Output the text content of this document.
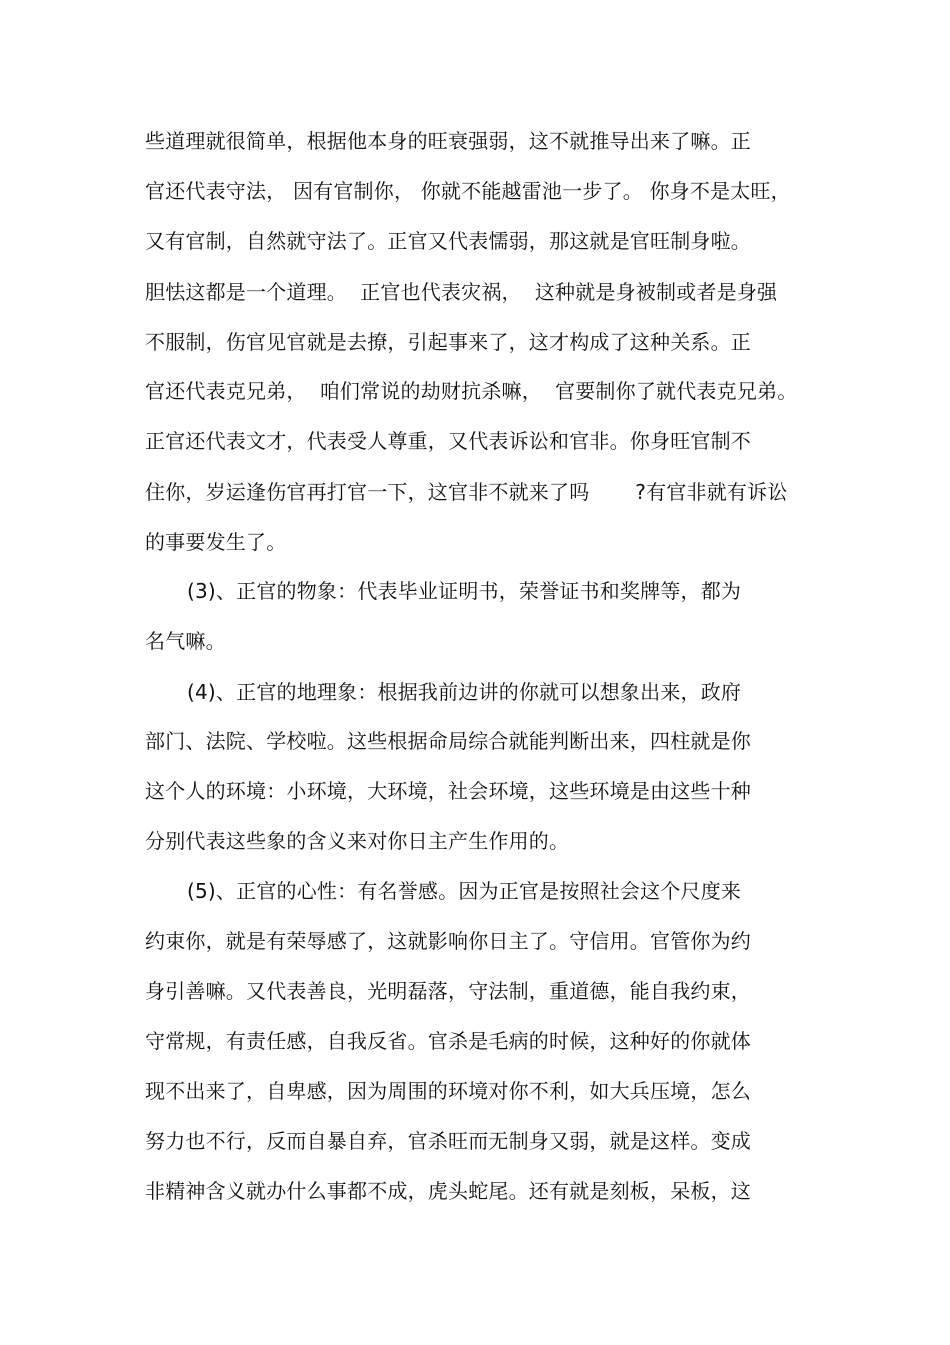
些道理就很简单，根据他本身的旺衰强弱，这不就推导出来了嘛。正
官还代表守法， 因有官制你， 你就不能越雷池一步了。 你身不是太旺，
又有官制，自然就守法了。正官又代表懦弱，那这就是官旺制身啦。
胆怯这都是一个道理。  正官也代表灾祸，  这种就是身被制或者是身强
不服制，伤官见官就是去撩，引起事来了，这才构成了这种关系。正
官还代表克兄弟，  咱们常说的劫财抗杀嘛，  官要制你了就代表克兄弟。
正官还代表文才，代表受人尊重，又代表诉讼和官非。你身旺官制不
住你，岁运逢伤官再打官一下，这官非不就来了吗       ?有官非就有诉讼
的事要发生了。
(3)、正官的物象：代表毕业证明书，荣誉证书和奖牌等，都为
名气嘛。
(4)、正官的地理象：根据我前边讲的你就可以想象出来，政府
部门、法院、学校啦。这些根据命局综合就能判断出来，四柱就是你
这个人的环境：小环境，大环境，社会环境，这些环境是由这些十种
分别代表这些象的含义来对你日主产生作用的。
(5)、正官的心性：有名誉感。因为正官是按照社会这个尺度来
约束你，就是有荣辱感了，这就影响你日主了。守信用。官管你为约
身引善嘛。又代表善良，光明磊落，守法制，重道德，能自我约束，
守常规，有责任感，自我反省。官杀是毛病的时候，这种好的你就体
现不出来了，自卑感，因为周围的环境对你不利，如大兵压境，怎么
努力也不行，反而自暴自弃，官杀旺而无制身又弱，就是这样。变成
非精神含义就办什么事都不成，虎头蛇尾。还有就是刻板，呆板，这
